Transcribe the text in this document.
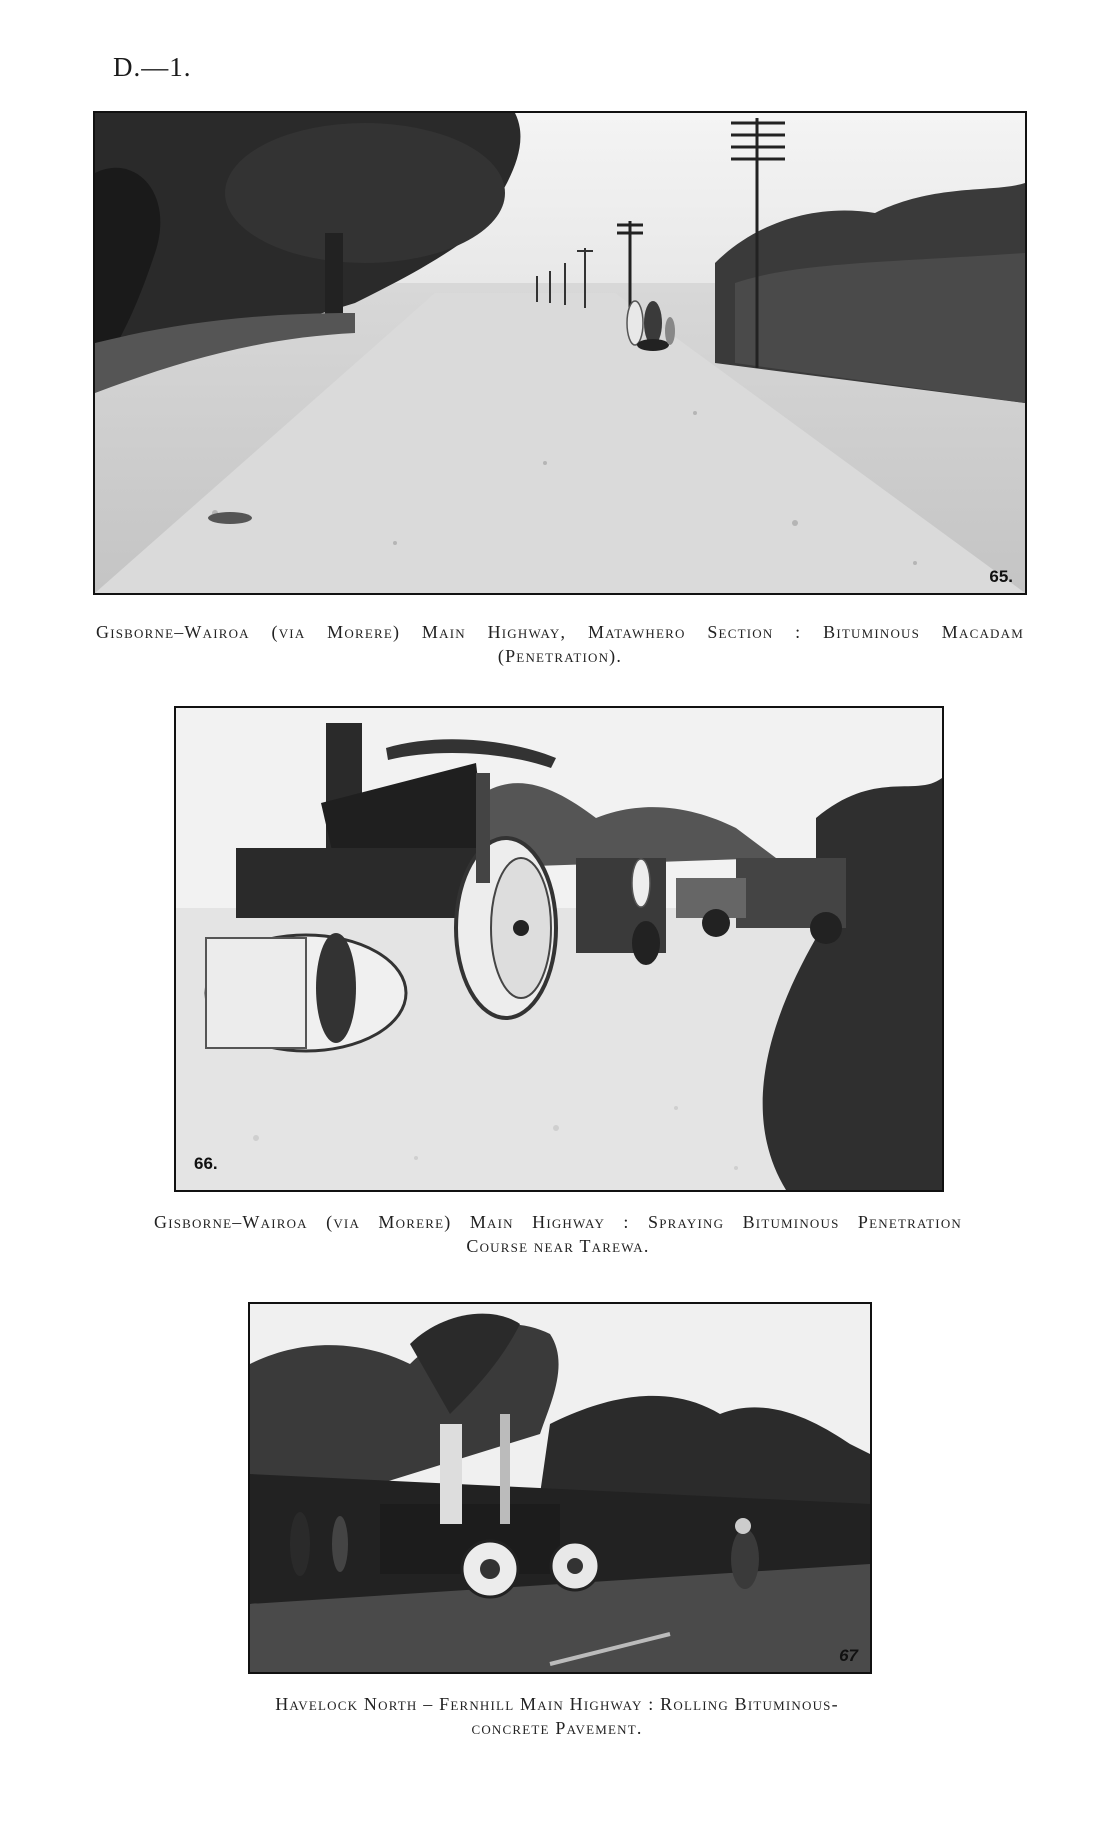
D.—1.
65.
Gisborne–Wairoa (via Morere) Main Highway, Matawhero Section : Bituminous Macadam
(Penetration).
66.
Gisborne–Wairoa (via Morere) Main Highway : Spraying Bituminous Penetration
Course near Tarewa.
67
Havelock North – Fernhill Main Highway : Rolling Bituminous-
concrete Pavement.
